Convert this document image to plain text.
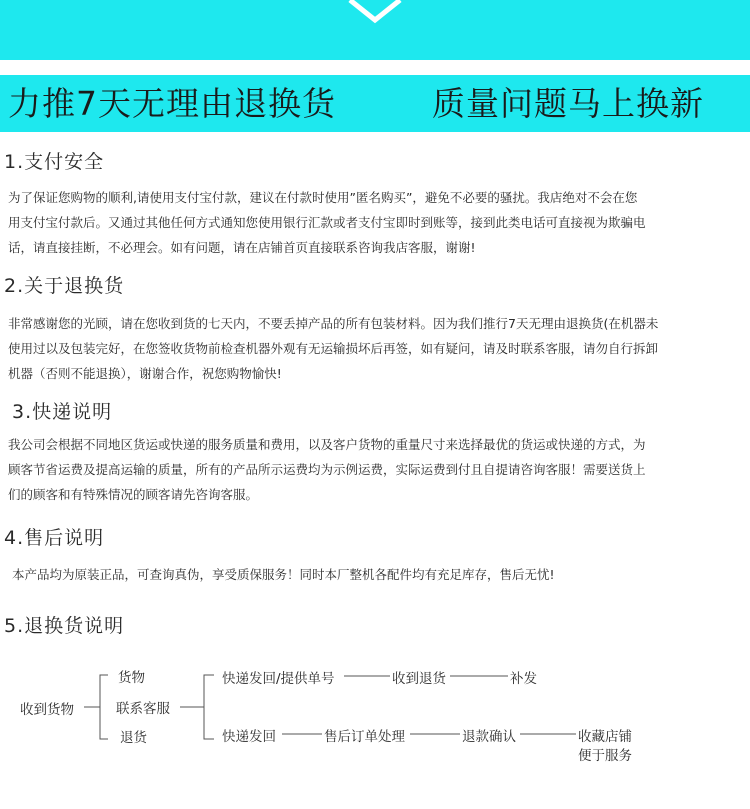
力推7天无理由退换货	质量问题马上换新
1.支付安全
为了保证您购物的顺利,请使用支付宝付款，建议在付款时使用”匿名购买”，避免不必要的骚扰。我店绝对不会在您
用支付宝付款后。又通过其他任何方式通知您使用银行汇款或者支付宝即时到账等，接到此类电话可直接视为欺骗电
话，请直接挂断，不必理会。如有问题，请在店铺首页直接联系咨询我店客服，谢谢!
2.关于退换货
非常感谢您的光顾，请在您收到货的七天内，不要丢掉产品的所有包装材料。因为我们推行7天无理由退换货(在机器未
使用过以及包装完好，在您签收货物前检查机器外观有无运输损坏后再签，如有疑问，请及时联系客服，请勿自行拆卸
机器（否则不能退换），谢谢合作，祝您购物愉快!
3.快递说明
我公司会根据不同地区货运或快递的服务质量和费用，以及客户货物的重量尺寸来选择最优的货运或快递的方式，为
顾客节省运费及提高运输的质量，所有的产品所示运费均为示例运费，实际运费到付且自提请咨询客服！需要送货上
们的顾客和有特殊情况的顾客请先咨询客服。
4.售后说明
本产品均为原装正品，可查询真伪，享受质保服务！同时本厂整机各配件均有充足库存，售后无忧!
5.退换货说明
收到货物
货物
联系客服
退货
快递发回/提供单号	收到退货	补发
快递发回	售后订单处理	退款确认	收藏店铺
便于服务
